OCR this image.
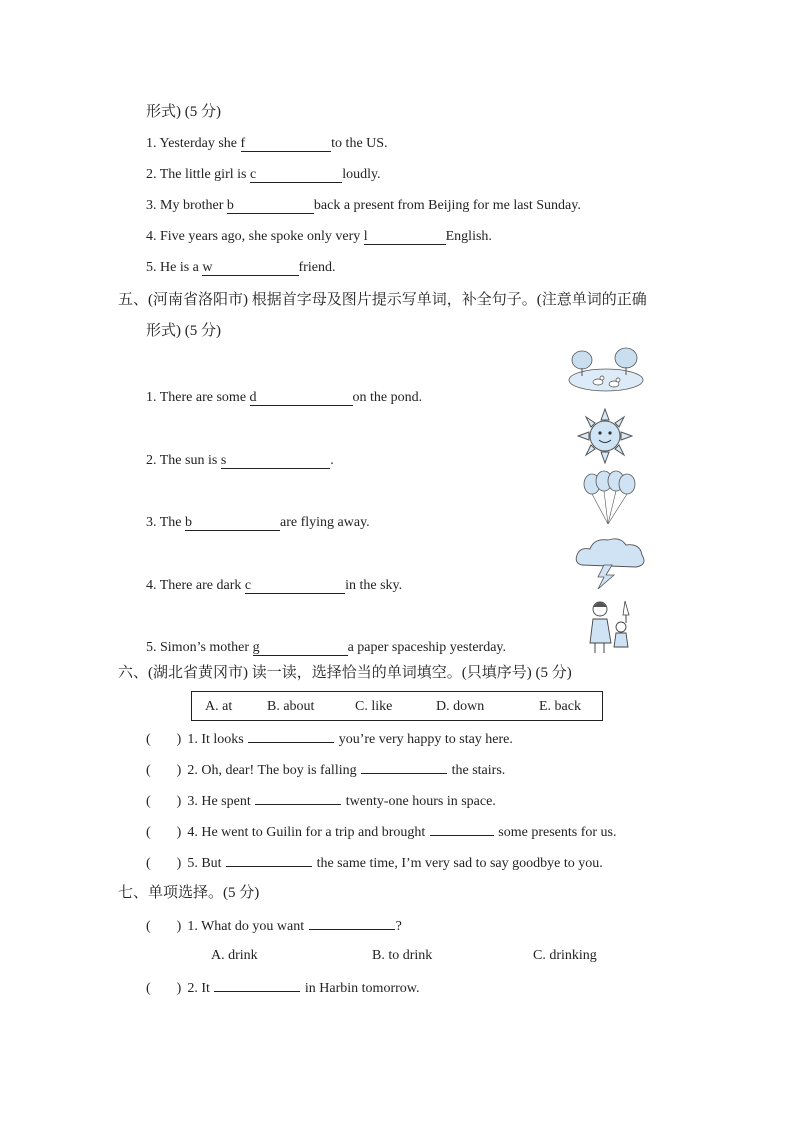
形式) (5 分)
1. Yesterday she f	to the US.
2. The little girl is c	loudly.
3. My brother b	back a present from Beijing for me last Sunday.
4. Five years ago, she spoke only very l	English.
5. He is a w	friend.
五、(河南省洛阳市) 根据首字母及图片提示写单词，补全句子。(注意单词的正确
形式) (5 分)
1. There are some d	on the pond.
2. The sun is s	.
3. The b	are flying away.
4. There are dark c	in the sky.
5. Simon’s mother g	a paper spaceship yesterday.
六、(湖北省黄冈市) 读一读，选择恰当的单词填空。(只填序号) (5 分)
A. at B. about	C. like	D. down	E. back
( ) 1. It looks	you’re very happy to stay here.
( ) 2. Oh, dear! The boy is falling	the stairs.
( ) 3. He spent	twenty-one hours in space.
( ) 4. He went to Guilin for a trip and brought	some presents for us.
( ) 5. But	the same time, I’m very sad to say goodbye to you.
七、单项选择。(5 分)
( ) 1. What do you want	?
A. drink	B. to drink	C. drinking
( ) 2. It	in Harbin tomorrow.
